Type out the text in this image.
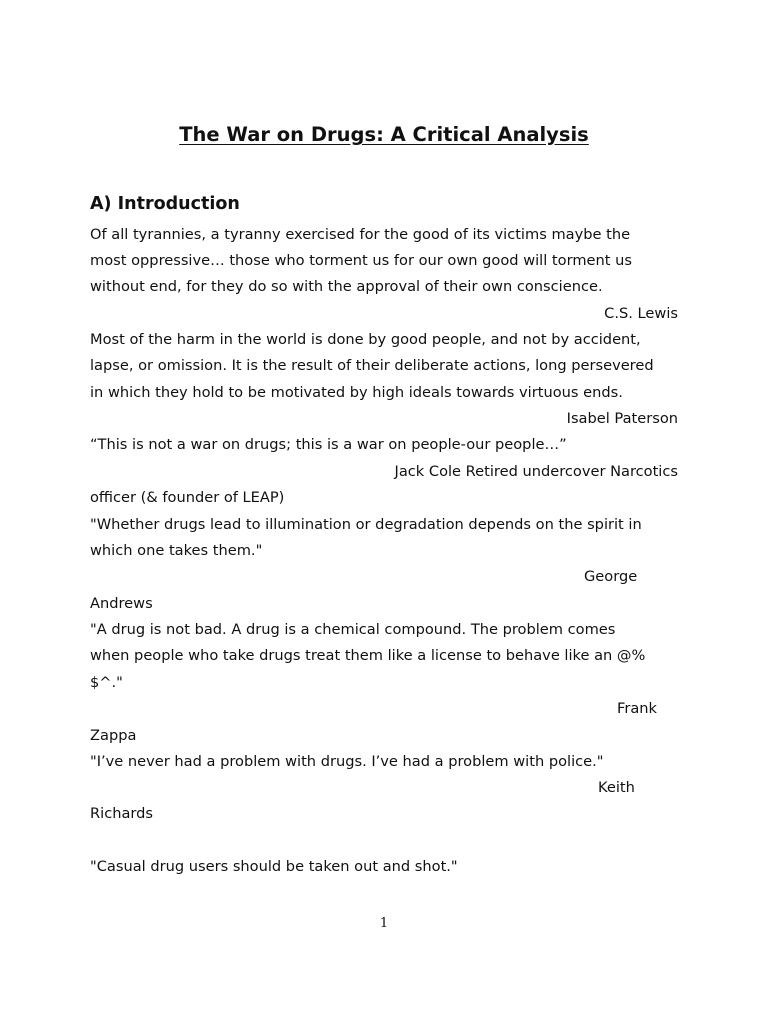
The War on Drugs: A Critical Analysis
A) Introduction
Of all tyrannies, a tyranny exercised for the good of its victims maybe the
most oppressive… those who torment us for our own good will torment us
without end, for they do so with the approval of their own conscience.
C.S. Lewis
Most of the harm in the world is done by good people, and not by accident,
lapse, or omission. It is the result of their deliberate actions, long persevered
in which they hold to be motivated by high ideals towards virtuous ends.
Isabel Paterson
“This is not a war on drugs; this is a war on people-our people…”
Jack Cole Retired undercover Narcotics
officer (& founder of LEAP)
"Whether drugs lead to illumination or degradation depends on the spirit in
which one takes them."
George
Andrews
"A drug is not bad. A drug is a chemical compound. The problem comes
when people who take drugs treat them like a license to behave like an @%
$^."
Frank
Zappa
"I’ve never had a problem with drugs. I’ve had a problem with police."
Keith
Richards
"Casual drug users should be taken out and shot."
1
